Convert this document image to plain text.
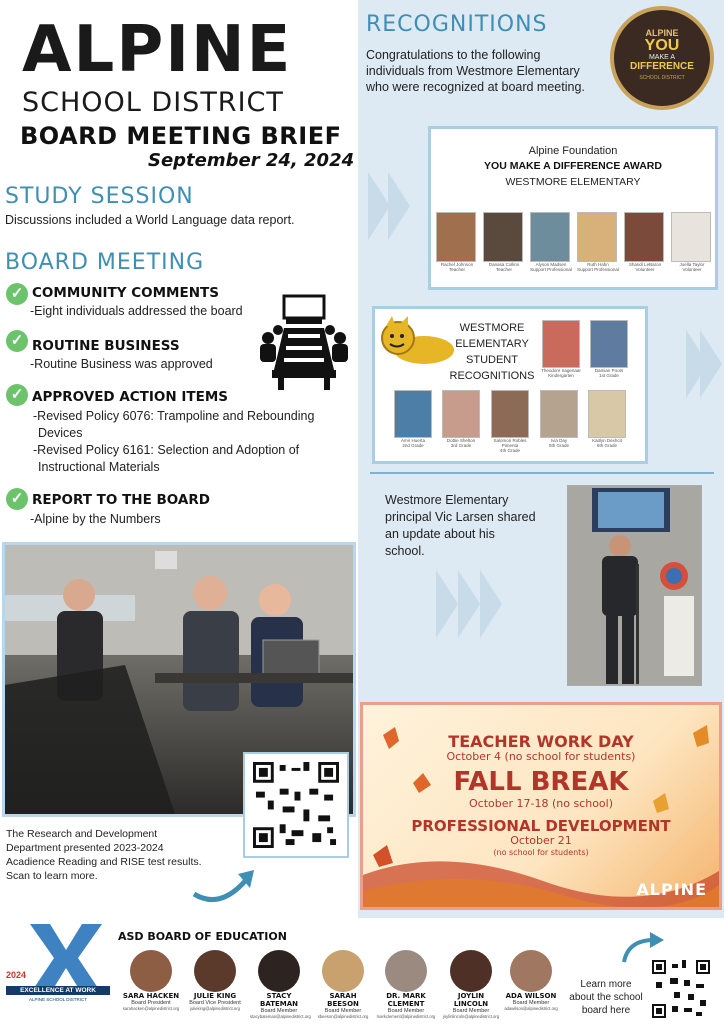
ALPINE
SCHOOL DISTRICT
BOARD MEETING BRIEF
September 24, 2024
STUDY SESSION
Discussions included a World Language data report.
BOARD MEETING
✓ COMMUNITY COMMENTS
-Eight individuals addressed the board
✓ ROUTINE BUSINESS
-Routine Business was approved
✓ APPROVED ACTION ITEMS
-Revised Policy 6076: Trampoline and Rebounding
Devices
-Revised Policy 6161: Selection and Adoption of
Instructional Materials
✓ REPORT TO THE BOARD
-Alpine by the Numbers
The Research and Development
Department presented 2023-2024
Acadience Reading and RISE test results.
Scan to learn more.
RECOGNITIONS
Congratulations to the following
individuals from Westmore Elementary
who were recognized at board meeting.
ALPINE
YOU
MAKE A
DIFFERENCE
SCHOOL DISTRICT
Alpine Foundation
YOU MAKE A DIFFERENCE AWARD
WESTMORE ELEMENTARY
Rachel Johnson
Teacher
Danasa Collins
Teacher
Alyson Madsen
Support Professional
Ruth Hahn
Support Professional
Shandi LeBaron
Volunteer
Joella Taylor
Volunteer
WESTMORE
ELEMENTARY
STUDENT
RECOGNITIONS	Theodore Iragenaar
Kindergarten
Damian Poots
1st Grade
Amir Huerta
2nd Grade
Dottie Shelton
3rd Grade
Salomon Robles Pimenta
4th Grade
Ivia Day
5th Grade
Kaitlyn Dexhcit
6th Grade
Westmore Elementary
principal Vic Larsen shared
an update about his
school.
TEACHER WORK DAY
October 4 (no school for students)
FALL BREAK
October 17-18 (no school)
PROFESSIONAL DEVELOPMENT
October 21
(no school for students)
ALPINE
2024
EXCELLENCE AT WORK
ALPINE SCHOOL DISTRICT
ASD BOARD OF EDUCATION
SARA HACKEN
Board President
sarahacken@alpinedistrict.org
JULIE KING
Board Vice President
julieking@alpinedistrict.org
STACY BATEMAN
Board Member
stacybateman@alpinedistrict.org
SARAH BEESON
Board Member
sbeeson@alpinedistrict.org
DR. MARK CLEMENT
Board Member
markclement@alpinedistrict.org
JOYLIN LINCOLN
Board Member
joylinlincoln@alpinedistrict.org
ADA WILSON
Board Member
adawilson@alpinedistrict.org
Learn more
about the school
board here
